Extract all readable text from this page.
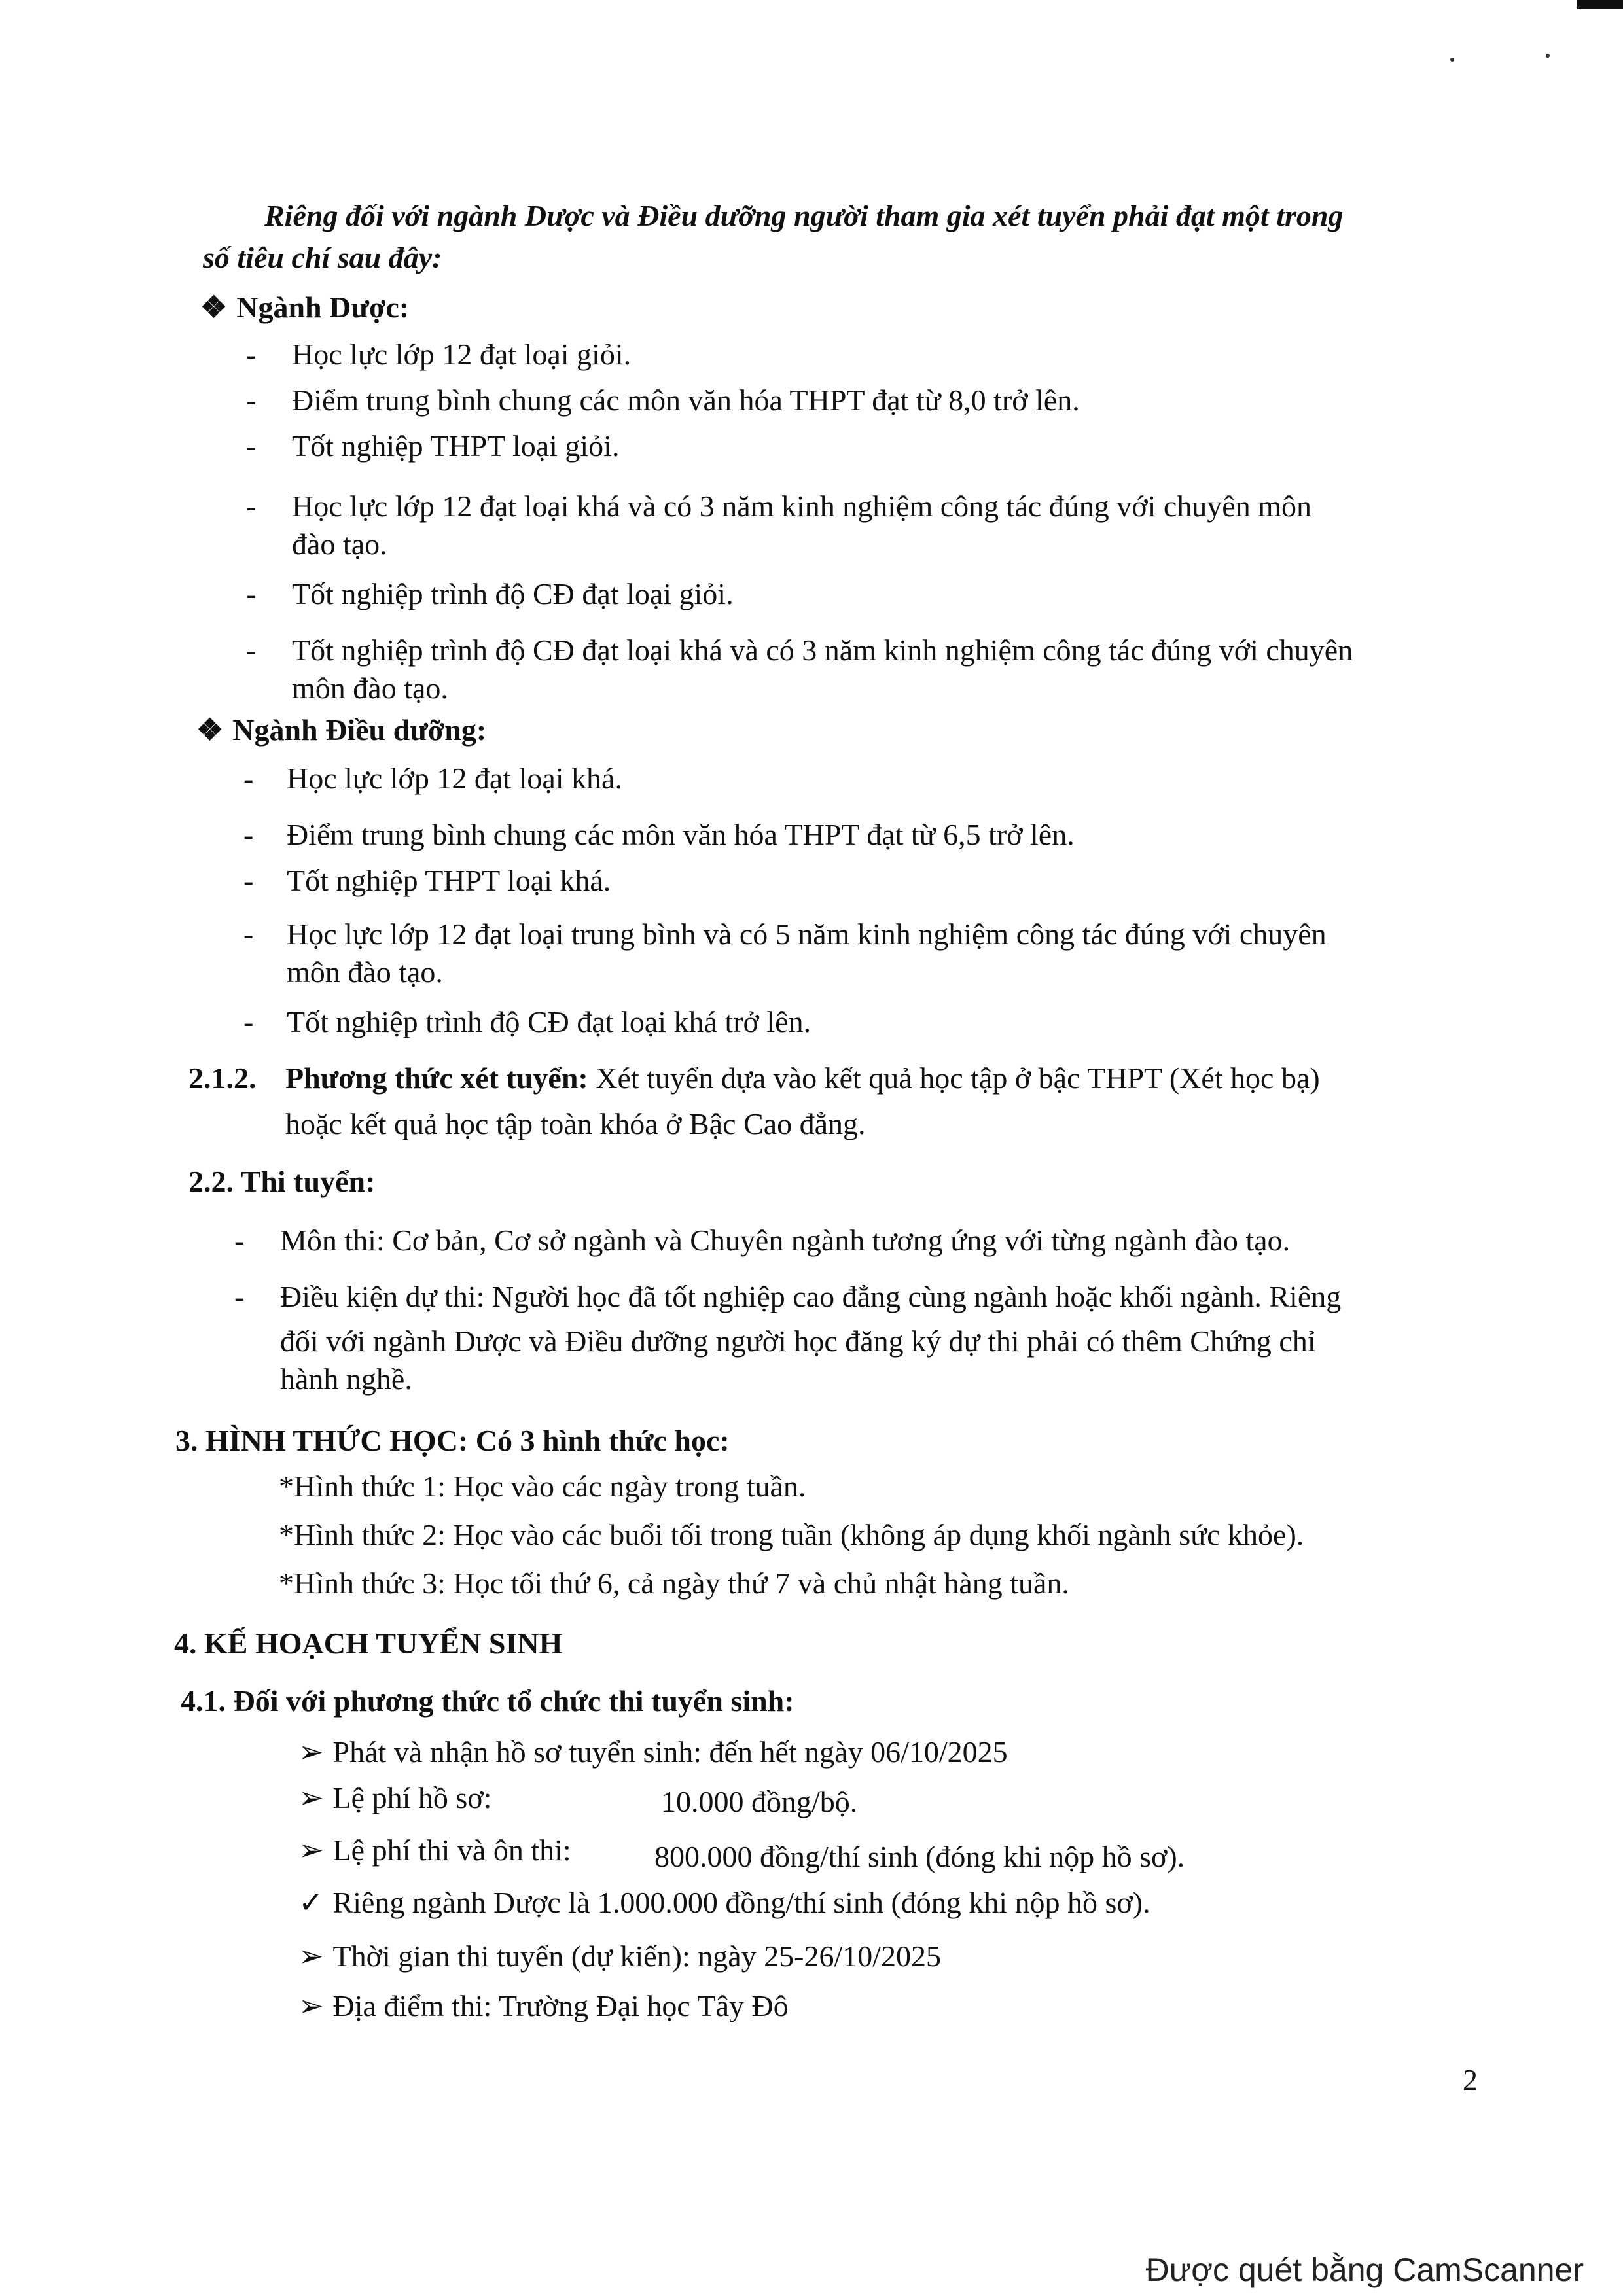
Riêng đối với ngành Dược và Điều dưỡng người tham gia xét tuyển phải đạt một trong
số tiêu chí sau đây:
❖ Ngành Dược:
- Học lực lớp 12 đạt loại giỏi.
- Điểm trung bình chung các môn văn hóa THPT đạt từ 8,0 trở lên.
- Tốt nghiệp THPT loại giỏi.
- Học lực lớp 12 đạt loại khá và có 3 năm kinh nghiệm công tác đúng với chuyên môn
đào tạo.
- Tốt nghiệp trình độ CĐ đạt loại giỏi.
- Tốt nghiệp trình độ CĐ đạt loại khá và có 3 năm kinh nghiệm công tác đúng với chuyên
môn đào tạo.
❖ Ngành Điều dưỡng:
- Học lực lớp 12 đạt loại khá.
- Điểm trung bình chung các môn văn hóa THPT đạt từ 6,5 trở lên.
- Tốt nghiệp THPT loại khá.
- Học lực lớp 12 đạt loại trung bình và có 5 năm kinh nghiệm công tác đúng với chuyên
môn đào tạo.
- Tốt nghiệp trình độ CĐ đạt loại khá trở lên.
2.1.2. Phương thức xét tuyển: Xét tuyển dựa vào kết quả học tập ở bậc THPT (Xét học bạ)
hoặc kết quả học tập toàn khóa ở Bậc Cao đẳng.
2.2. Thi tuyển:
- Môn thi: Cơ bản, Cơ sở ngành và Chuyên ngành tương ứng với từng ngành đào tạo.
- Điều kiện dự thi: Người học đã tốt nghiệp cao đẳng cùng ngành hoặc khối ngành. Riêng
đối với ngành Dược và Điều dưỡng người học đăng ký dự thi phải có thêm Chứng chỉ
hành nghề.
3. HÌNH THỨC HỌC: Có 3 hình thức học:
*Hình thức 1: Học vào các ngày trong tuần.
*Hình thức 2: Học vào các buổi tối trong tuần (không áp dụng khối ngành sức khỏe).
*Hình thức 3: Học tối thứ 6, cả ngày thứ 7 và chủ nhật hàng tuần.
4. KẾ HOẠCH TUYỂN SINH
4.1. Đối với phương thức tổ chức thi tuyển sinh:
➢ Phát và nhận hồ sơ tuyển sinh: đến hết ngày 06/10/2025
➢ Lệ phí hồ sơ:	10.000 đồng/bộ.
➢ Lệ phí thi và ôn thi:	800.000 đồng/thí sinh (đóng khi nộp hồ sơ).
✓ Riêng ngành Dược là 1.000.000 đồng/thí sinh (đóng khi nộp hồ sơ).
➢ Thời gian thi tuyển (dự kiến): ngày 25-26/10/2025
➢ Địa điểm thi: Trường Đại học Tây Đô
2
Được quét bằng CamScanner
